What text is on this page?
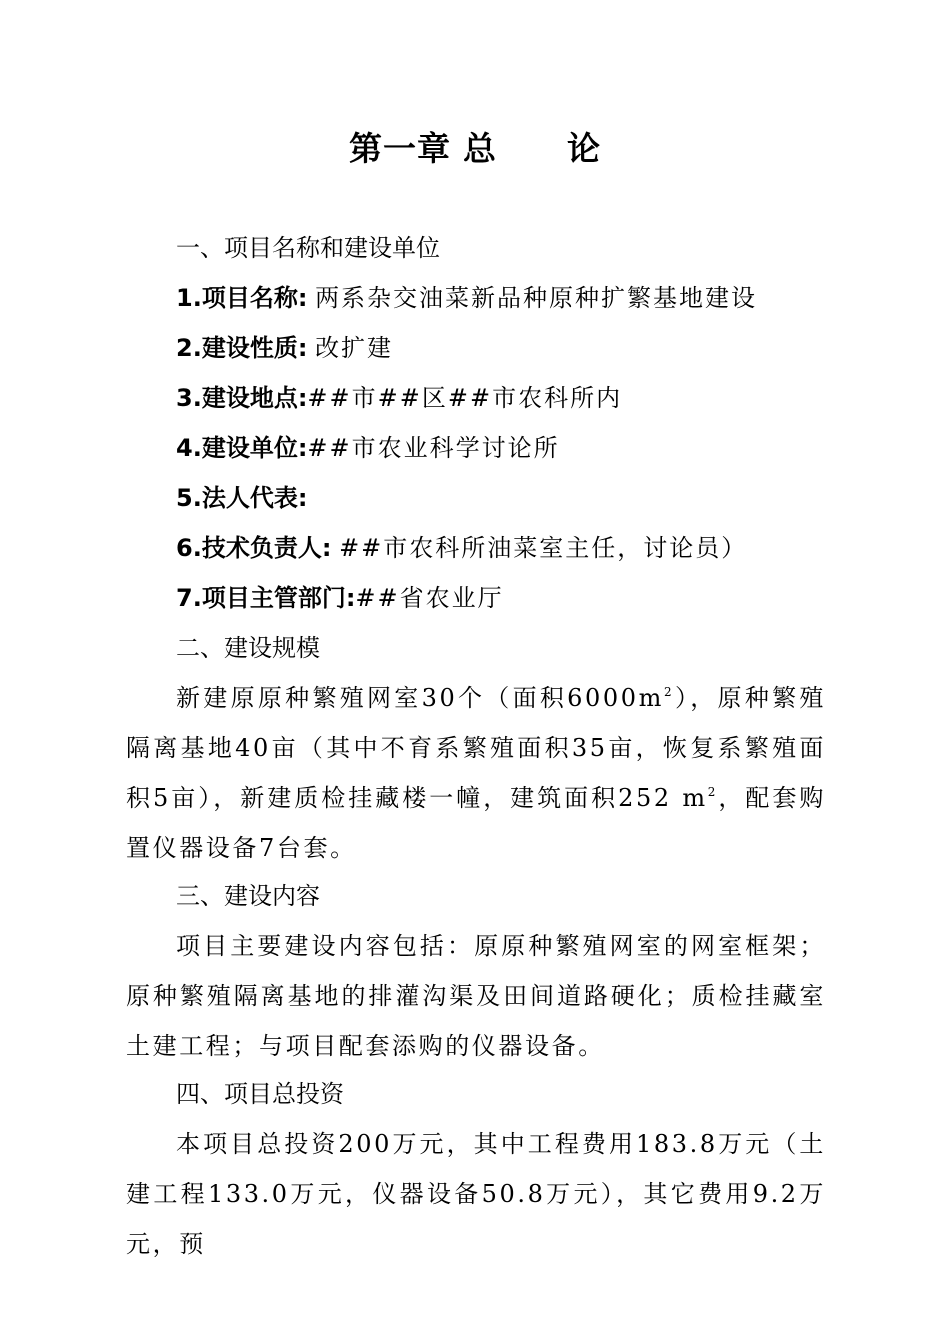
第一章 总 论
一、项目名称和建设单位
1.项目名称: 两系杂交油菜新品种原种扩繁基地建设
2.建设性质: 改扩建
3.建设地点:##市##区##市农科所内
4.建设单位:##市农业科学讨论所
5.法人代表:
6.技术负责人: ##市农科所油菜室主任，讨论员）
7.项目主管部门:##省农业厅
二、建设规模

新建原原种繁殖网室30个（面积$6000m^2$），原种繁殖隔离基地40亩（其中不育系繁殖面积35亩，恢复系繁殖面积5亩），新建质检挂藏楼一幢，建筑面积252 $m^2$，配套购置仪器设备7台套。

三、建设内容

项目主要建设内容包括：原原种繁殖网室的网室框架；原种繁殖隔离基地的排灌沟渠及田间道路硬化；质检挂藏室土建工程；与项目配套添购的仪器设备。

四、项目总投资

本项目总投资200万元，其中工程费用183.8万元（土建工程133.0万元，仪器设备50.8万元），其它费用9.2万元，预
